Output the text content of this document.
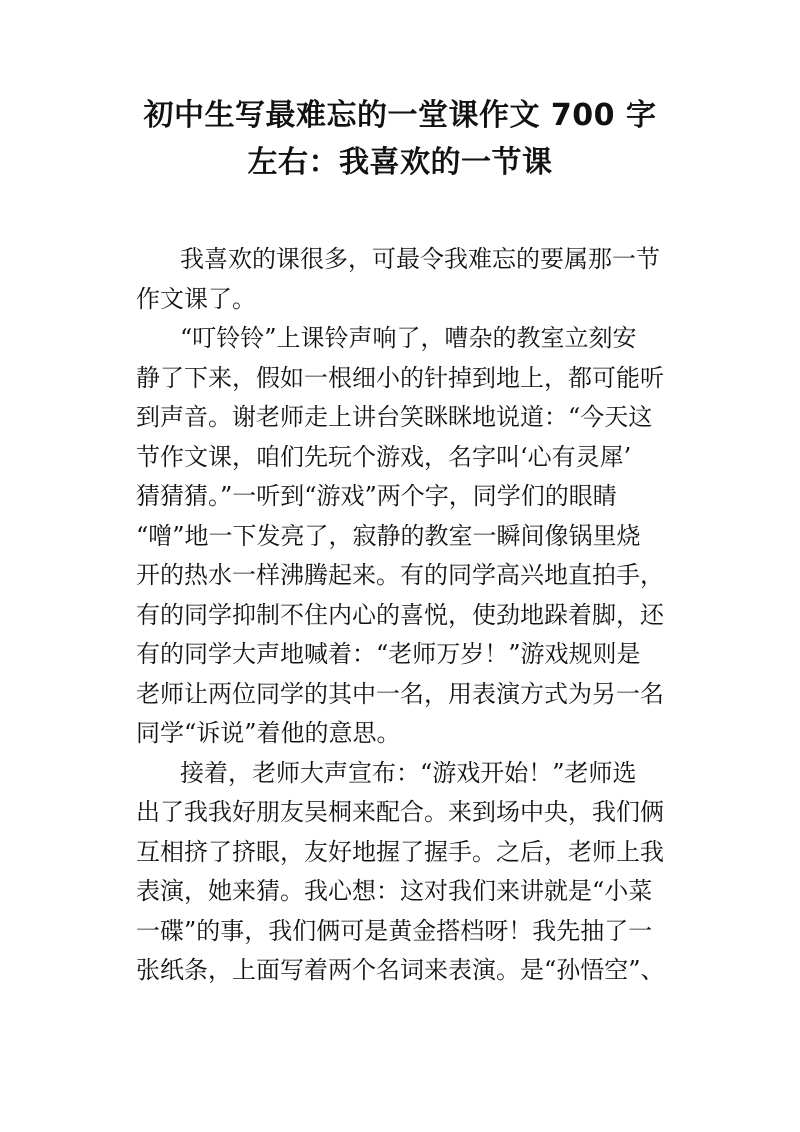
初中生写最难忘的一堂课作文 700 字
左右：我喜欢的一节课

我喜欢的课很多，可最令我难忘的要属那一节
作文课了。

“叮铃铃”上课铃声响了，嘈杂的教室立刻安
静了下来，假如一根细小的针掉到地上，都可能听
到声音。谢老师走上讲台笑眯眯地说道：“今天这
节作文课，咱们先玩个游戏，名字叫‘心有灵犀’
猜猜猜。”一听到“游戏”两个字，同学们的眼睛
“噌”地一下发亮了，寂静的教室一瞬间像锅里烧
开的热水一样沸腾起来。有的同学高兴地直拍手，
有的同学抑制不住内心的喜悦，使劲地跺着脚，还
有的同学大声地喊着：“老师万岁！”游戏规则是
老师让两位同学的其中一名，用表演方式为另一名
同学“诉说”着他的意思。

接着，老师大声宣布：“游戏开始！”老师选
出了我我好朋友吴桐来配合。来到场中央，我们俩
互相挤了挤眼，友好地握了握手。之后，老师上我
表演，她来猜。我心想：这对我们来讲就是“小菜
一碟”的事，我们俩可是黄金搭档呀！我先抽了一
张纸条，上面写着两个名词来表演。是“孙悟空”、
